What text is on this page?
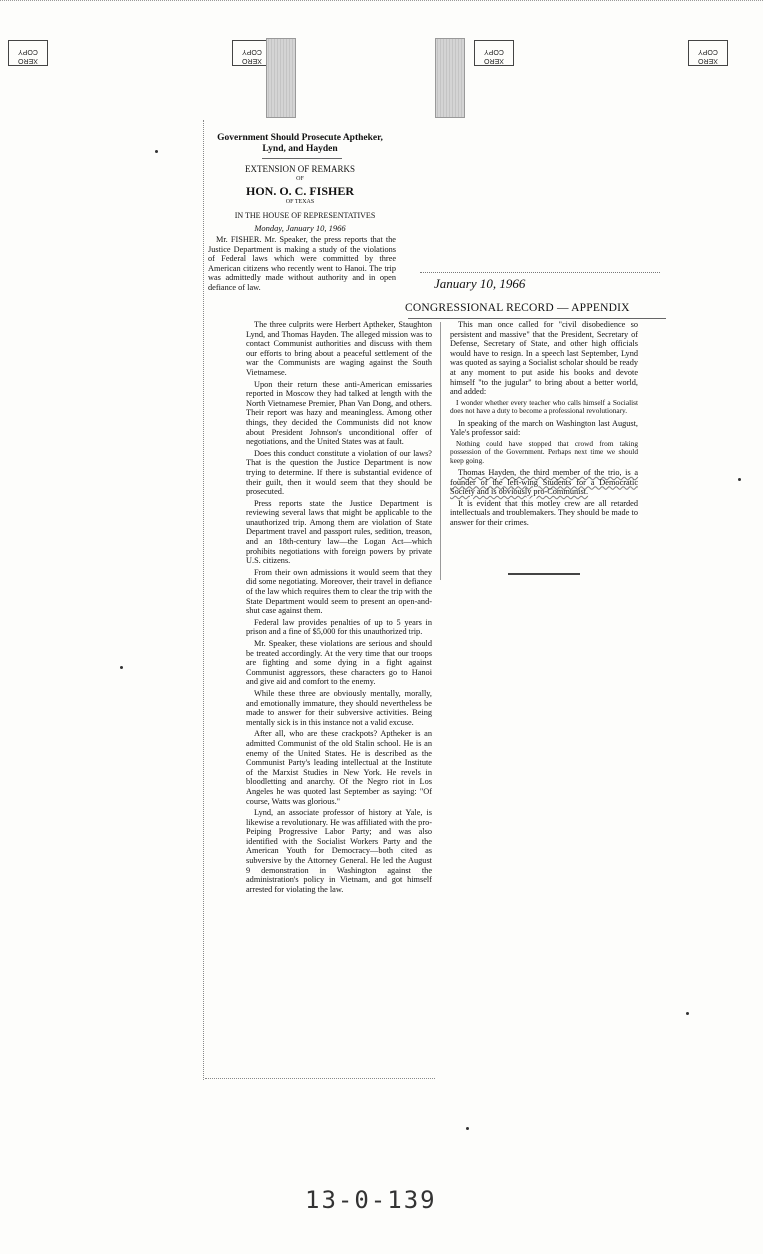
XERO COPY
XERO COPY
XERO COPY
XERO COPY
Government Should Prosecute Aptheker,
Lynd, and Hayden
EXTENSION OF REMARKS
OF
HON. O. C. FISHER
OF TEXAS
IN THE HOUSE OF REPRESENTATIVES
Monday, January 10, 1966

Mr. FISHER. Mr. Speaker, the press reports that the Justice Department is making a study of the violations of Federal laws which were committed by three American citizens who recently went to Hanoi. The trip was admittedly made without authority and in open defiance of law.	January 10, 1966
CONGRESSIONAL RECORD — APPENDIX

The three culprits were Herbert Aptheker, Staughton Lynd, and Thomas Hayden. The alleged mission was to contact Communist authorities and discuss with them our efforts to bring about a peaceful settlement of the war the Communists are waging against the South Vietnamese.

Upon their return these anti-American emissaries reported in Moscow they had talked at length with the North Vietnamese Premier, Phan Van Dong, and others. Their report was hazy and meaningless. Among other things, they decided the Communists did not know about President Johnson's unconditional offer of negotiations, and the United States was at fault.

Does this conduct constitute a violation of our laws? That is the question the Justice Department is now trying to determine. If there is substantial evidence of their guilt, then it would seem that they should be prosecuted.

Press reports state the Justice Department is reviewing several laws that might be applicable to the unauthorized trip. Among them are violation of State Department travel and passport rules, sedition, treason, and an 18th-century law—the Logan Act—which prohibits negotiations with foreign powers by private U.S. citizens.

From their own admissions it would seem that they did some negotiating. Moreover, their travel in defiance of the law which requires them to clear the trip with the State Department would seem to present an open-and-shut case against them.

Federal law provides penalties of up to 5 years in prison and a fine of $5,000 for this unauthorized trip.

Mr. Speaker, these violations are serious and should be treated accordingly. At the very time that our troops are fighting and some dying in a fight against Communist aggressors, these characters go to Hanoi and give aid and comfort to the enemy.

While these three are obviously mentally, morally, and emotionally immature, they should nevertheless be made to answer for their subversive activities. Being mentally sick is in this instance not a valid excuse.

After all, who are these crackpots? Aptheker is an admitted Communist of the old Stalin school. He is an enemy of the United States. He is described as the Communist Party's leading intellectual at the Institute of the Marxist Studies in New York. He revels in bloodletting and anarchy. Of the Negro riot in Los Angeles he was quoted last September as saying: "Of course, Watts was glorious."

Lynd, an associate professor of history at Yale, is likewise a revolutionary. He was affiliated with the pro-Peiping Progressive Labor Party; and was also identified with the Socialist Workers Party and the American Youth for Democracy—both cited as subversive by the Attorney General. He led the August 9 demonstration in Washington against the administration's policy in Vietnam, and got himself arrested for violating the law.

This man once called for "civil disobedience so persistent and massive" that the President, Secretary of Defense, Secretary of State, and other high officials would have to resign. In a speech last September, Lynd was quoted as saying a Socialist scholar should be ready at any moment to put aside his books and devote himself "to the jugular" to bring about a better world, and added:

I wonder whether every teacher who calls himself a Socialist does not have a duty to become a professional revolutionary.

In speaking of the march on Washington last August, Yale's professor said:

Nothing could have stopped that crowd from taking possession of the Government. Perhaps next time we should keep going.

Thomas Hayden, the third member of the trio, is a founder of the left-wing Students for a Democratic Society and is obviously pro-Communist.

It is evident that this motley crew are all retarded intellectuals and troublemakers. They should be made to answer for their crimes.

13-0-139
